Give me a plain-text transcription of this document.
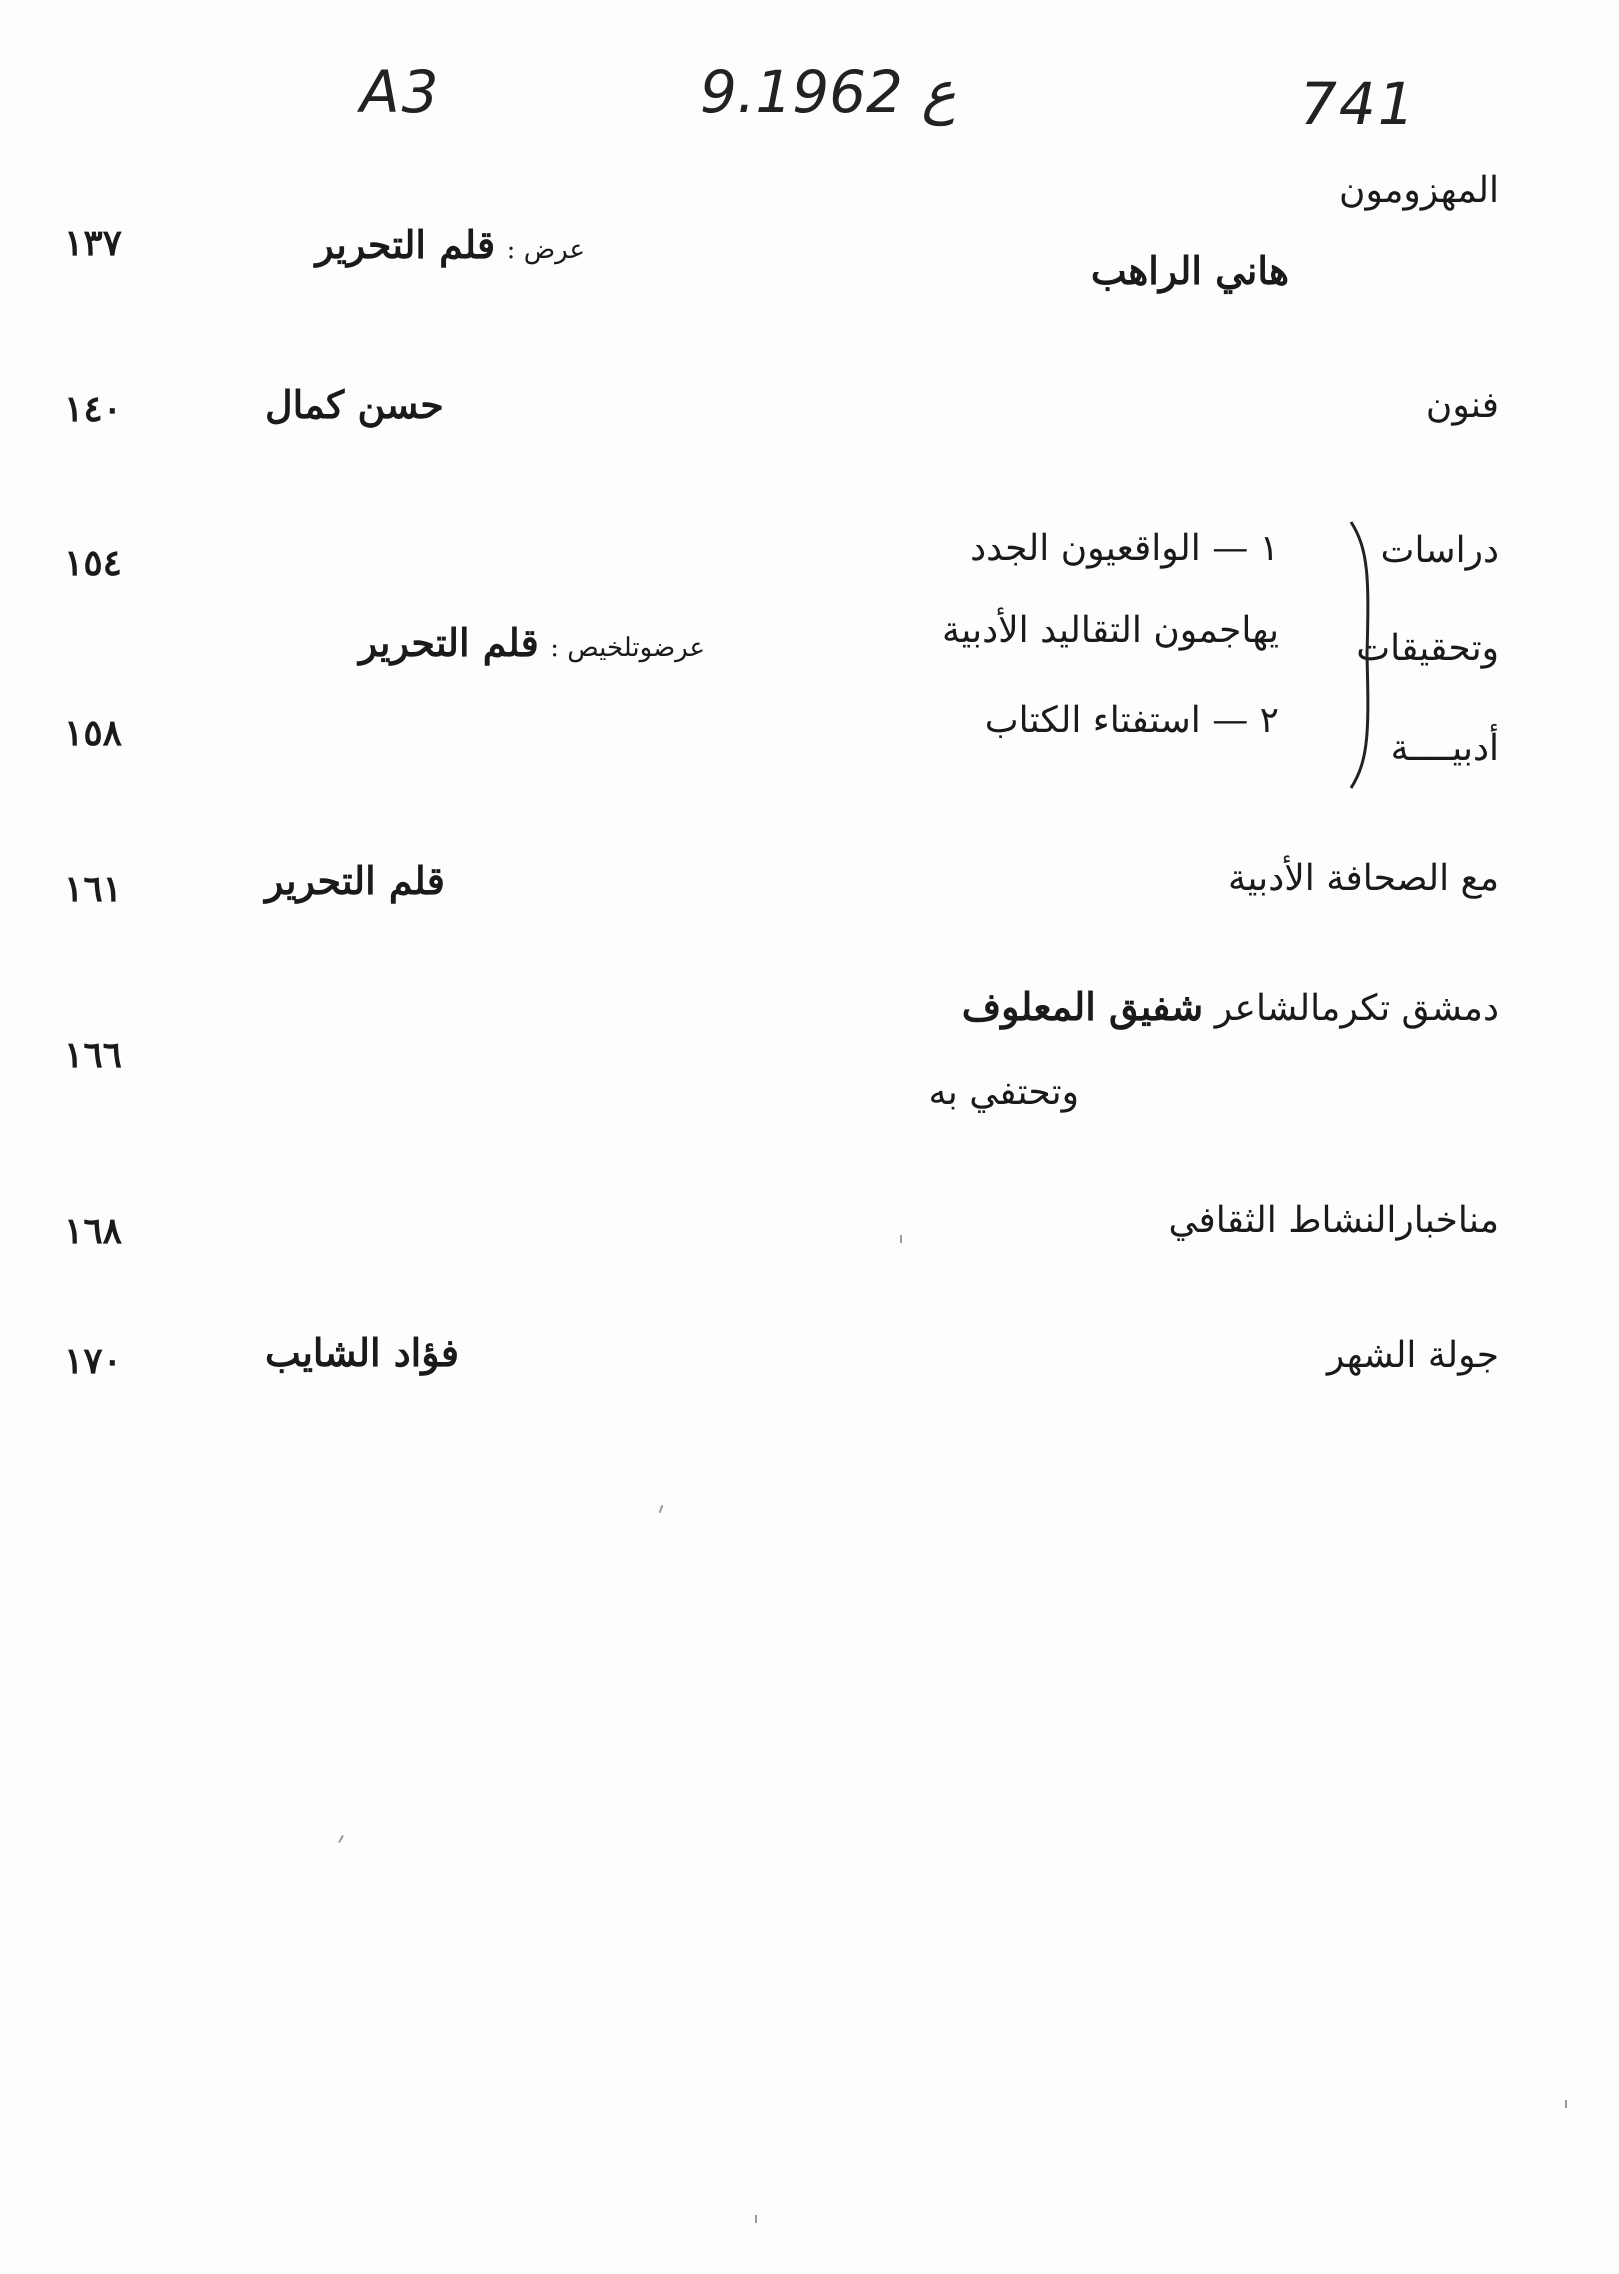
A3	9.ع 1962	741
المهزومون
هاني الراهب
عرض : قلم التحرير
١٣٧
فنون
حسن كمال
١٤٠
دراسات
وتحقيقات
أدبيــــة
١ — الواقعيون الجدد
يهاجمون التقاليد الأدبية
٢ — استفتاء الكتاب
عرضوتلخيص : قلم التحرير
١٥٤
١٥٨
مع الصحافة الأدبية
قلم التحرير
١٦١
دمشق تكرمالشاعر شفيق المعلوف
وتحتفي به
١٦٦
مناخبارالنشاط الثقافي
١٦٨
جولة الشهر
فؤاد الشايب
١٧٠
